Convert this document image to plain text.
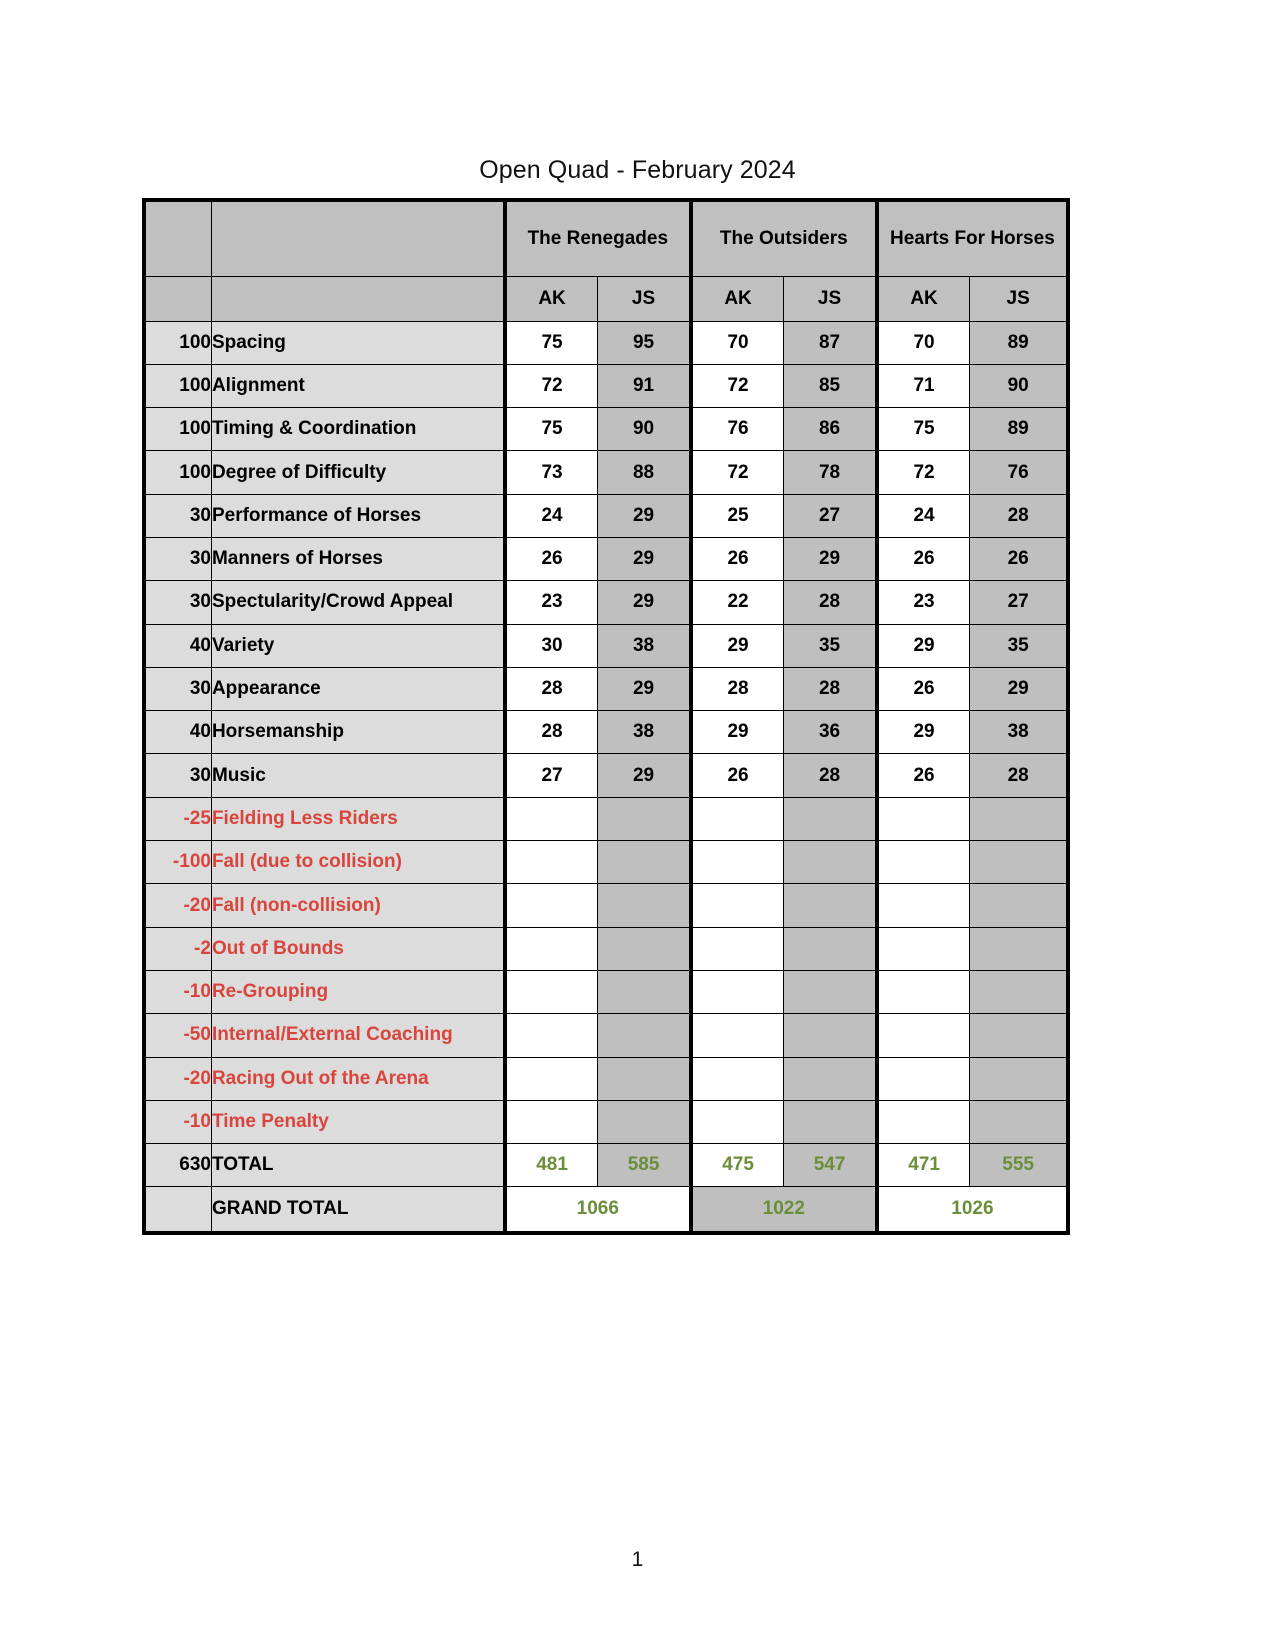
Open Quad - February 2024
		The Renegades		The Outsiders		Hearts For Horses	
		AK	JS	AK	JS	AK	JS
100	Spacing	75	95	70	87	70	89
100	Alignment	72	91	72	85	71	90
100	Timing & Coordination	75	90	76	86	75	89
100	Degree of Difficulty	73	88	72	78	72	76
30	Performance of Horses	24	29	25	27	24	28
30	Manners of Horses	26	29	26	29	26	26
30	Spectularity/Crowd Appeal	23	29	22	28	23	27
40	Variety	30	38	29	35	29	35
30	Appearance	28	29	28	28	26	29
40	Horsemanship	28	38	29	36	29	38
30	Music	27	29	26	28	26	28
-25	Fielding Less Riders						
-100	Fall (due to collision)						
-20	Fall (non-collision)						
-2	Out of Bounds						
-10	Re-Grouping						
-50	Internal/External Coaching						
-20	Racing Out of the Arena						
-10	Time Penalty						
630	TOTAL	481	585	475	547	471	555
	GRAND TOTAL	1066		1022		1026	
1
